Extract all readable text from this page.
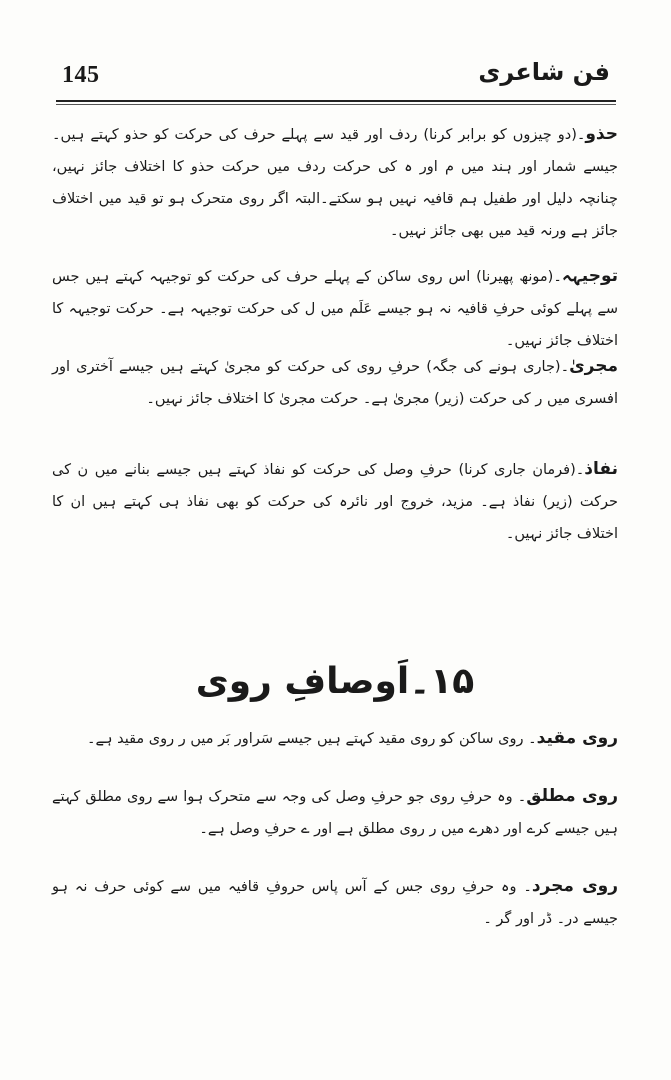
145	فن شاعری

حذو۔(دو چیزوں کو برابر کرنا) ردف اور قید سے پہلے حرف کی حرکت کو حذو کہتے ہیں۔ جیسے شمار اور ہند میں م اور ہ کی حرکت ردف میں حرکت حذو کا اختلاف جائز نہیں، چنانچہ دلیل اور طفیل ہم قافیہ نہیں ہو سکتے۔البتہ اگر روی متحرک ہو تو قید میں اختلاف جائز ہے ورنہ قید میں بھی جائز نہیں۔

توجیہہ۔(مونھ پھیرنا) اس روی ساکن کے پہلے حرف کی حرکت کو توجیہہ کہتے ہیں جس سے پہلے کوئی حرفِ قافیہ نہ ہو جیسے عَلَم میں ل کی حرکت توجیہہ ہے۔ حرکت توجیہہ کا اختلاف جائز نہیں۔

مجریٰ۔(جاری ہونے کی جگہ) حرفِ روی کی حرکت کو مجریٰ کہتے ہیں جیسے آختری اور افسری میں ر کی حرکت (زیر) مجریٰ ہے۔ حرکت مجریٰ کا اختلاف جائز نہیں۔

نفاذ۔(فرمان جاری کرنا) حرفِ وصل کی حرکت کو نفاذ کہتے ہیں جیسے بنانے میں ن کی حرکت (زیر) نفاذ ہے۔ مزید، خروج اور نائرہ کی حرکت کو بھی نفاذ ہی کہتے ہیں ان کا اختلاف جائز نہیں۔

۱۵۔اَوصافِ روی

روی مقید۔ روی ساکن کو روی مقید کہتے ہیں جیسے سَراور بَر میں ر روی مقید ہے۔

روی مطلق۔ وہ حرفِ روی جو حرفِ وصل کی وجہ سے متحرک ہوا سے روی مطلق کہتے ہیں جیسے کرے اور دھرے میں ر روی مطلق ہے اور ے حرفِ وصل ہے۔

روی مجرد۔ وہ حرفِ روی جس کے آس پاس حروفِ قافیہ میں سے کوئی حرف نہ ہو جیسے در۔ ڈر اور گر ۔
